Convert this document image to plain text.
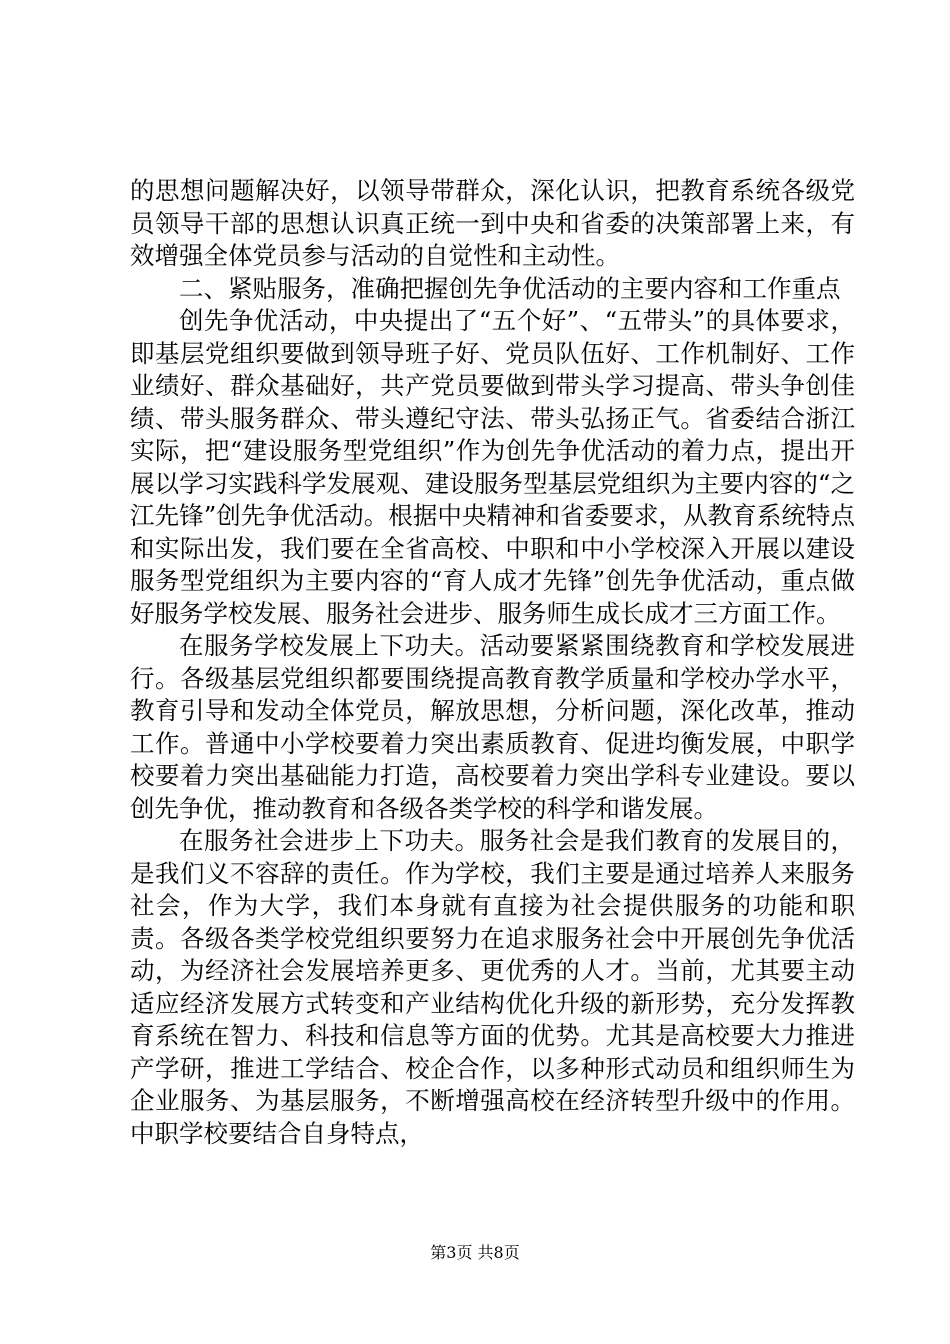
的思想问题解决好，以领导带群众，深化认识，把教育系统各级党员领导干部的思想认识真正统一到中央和省委的决策部署上来，有效增强全体党员参与活动的自觉性和主动性。

二、紧贴服务，准确把握创先争优活动的主要内容和工作重点

创先争优活动，中央提出了“五个好”、“五带头”的具体要求，即基层党组织要做到领导班子好、党员队伍好、工作机制好、工作业绩好、群众基础好，共产党员要做到带头学习提高、带头争创佳绩、带头服务群众、带头遵纪守法、带头弘扬正气。省委结合浙江实际，把“建设服务型党组织”作为创先争优活动的着力点，提出开展以学习实践科学发展观、建设服务型基层党组织为主要内容的“之江先锋”创先争优活动。根据中央精神和省委要求，从教育系统特点和实际出发，我们要在全省高校、中职和中小学校深入开展以建设服务型党组织为主要内容的“育人成才先锋”创先争优活动，重点做好服务学校发展、服务社会进步、服务师生成长成才三方面工作。

在服务学校发展上下功夫。活动要紧紧围绕教育和学校发展进行。各级基层党组织都要围绕提高教育教学质量和学校办学水平，教育引导和发动全体党员，解放思想，分析问题，深化改革，推动工作。普通中小学校要着力突出素质教育、促进均衡发展，中职学校要着力突出基础能力打造，高校要着力突出学科专业建设。要以创先争优，推动教育和各级各类学校的科学和谐发展。

在服务社会进步上下功夫。服务社会是我们教育的发展目的，是我们义不容辞的责任。作为学校，我们主要是通过培养人来服务社会，作为大学，我们本身就有直接为社会提供服务的功能和职责。各级各类学校党组织要努力在追求服务社会中开展创先争优活动，为经济社会发展培养更多、更优秀的人才。当前，尤其要主动适应经济发展方式转变和产业结构优化升级的新形势，充分发挥教育系统在智力、科技和信息等方面的优势。尤其是高校要大力推进产学研，推进工学结合、校企合作，以多种形式动员和组织师生为企业服务、为基层服务，不断增强高校在经济转型升级中的作用。中职学校要结合自身特点，

第3页 共8页
